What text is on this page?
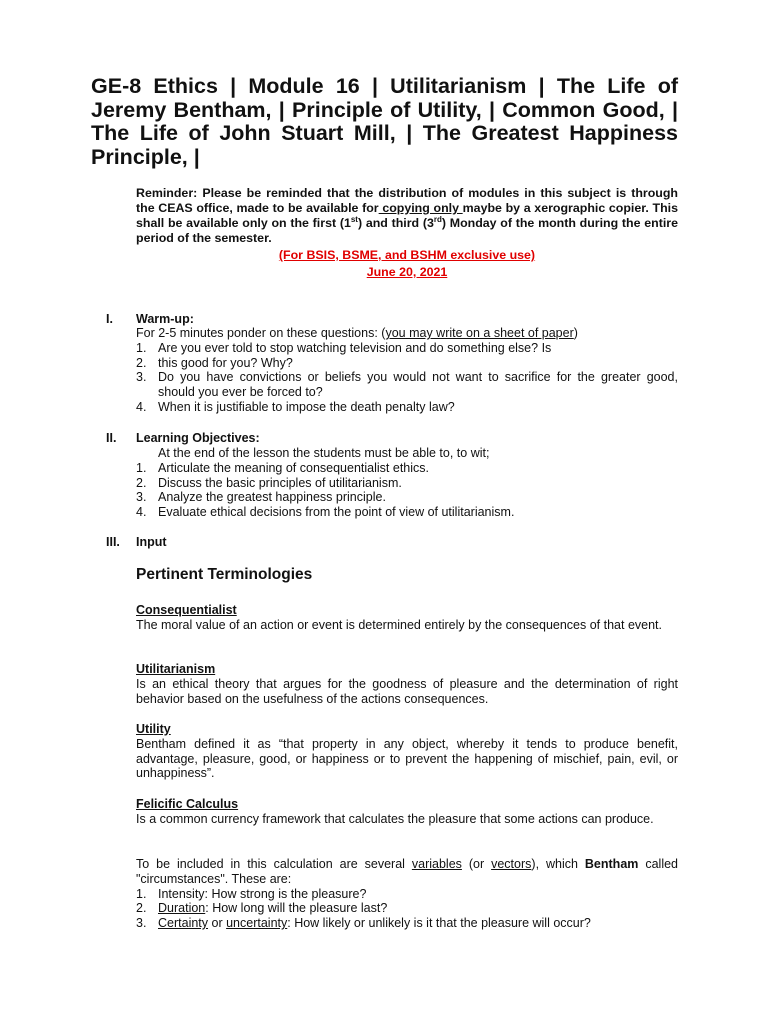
GE-8 Ethics | Module 16 | Utilitarianism | The Life of Jeremy Bentham, | Principle of Utility, | Common Good, | The Life of John Stuart Mill, | The Greatest Happiness Principle, |

Reminder: Please be reminded that the distribution of modules in this subject is through the CEAS office, made to be available for copying only maybe by a xerographic copier. This shall be available only on the first (1st) and third (3rd) Monday of the month during the entire period of the semester.

(For BSIS, BSME, and BSHM exclusive use)
June 20, 2021
I. Warm-up:

For 2-5 minutes ponder on these questions: (you may write on a sheet of paper)

1. Are you ever told to stop watching television and do something else? Is
2. this good for you? Why?
3. Do you have convictions or beliefs you would not want to sacrifice for the greater good, should you ever be forced to?
4. When it is justifiable to impose the death penalty law?
II. Learning Objectives:

At the end of the lesson the students must be able to, to wit;

1. Articulate the meaning of consequentialist ethics.
2. Discuss the basic principles of utilitarianism.
3. Analyze the greatest happiness principle.
4. Evaluate ethical decisions from the point of view of utilitarianism.
III. Input
Pertinent Terminologies
Consequentialist

The moral value of an action or event is determined entirely by the consequences of that event.

Utilitarianism

Is an ethical theory that argues for the goodness of pleasure and the determination of right behavior based on the usefulness of the actions consequences.

Utility

Bentham defined it as “that property in any object, whereby it tends to produce benefit, advantage, pleasure, good, or happiness or to prevent the happening of mischief, pain, evil, or unhappiness”.

Felicific Calculus

Is a common currency framework that calculates the pleasure that some actions can produce.

To be included in this calculation are several variables (or vectors), which Bentham called "circumstances". These are:

1. Intensity: How strong is the pleasure?
2. Duration: How long will the pleasure last?
3. Certainty or uncertainty: How likely or unlikely is it that the pleasure will occur?
